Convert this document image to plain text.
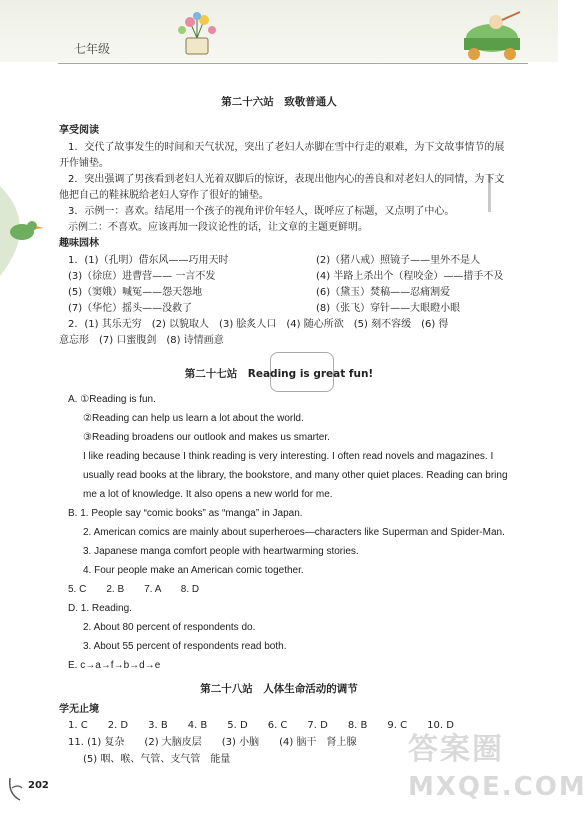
七年级
第二十六站　致敬普通人
享受阅读
1．交代了故事发生的时间和天气状况，突出了老妇人赤脚在雪中行走的艰难，为下文故事情节的展
开作铺垫。
2．突出强调了男孩看到老妇人光着双脚后的惊讶，表现出他内心的善良和对老妇人的同情，为下文
他把自己的鞋袜脱给老妇人穿作了很好的铺垫。
3．示例一：喜欢。结尾用一个孩子的视角评价年轻人，既呼应了标题，又点明了中心。
示例二：不喜欢。应该再加一段议论性的话，让文章的主题更鲜明。
趣味园林
1．(1)（孔明）借东风——巧用天时	(2)（猪八戒）照镜子——里外不是人
(3)（徐庶）进曹营—— 一言不发	(4) 半路上杀出个（程咬金）——措手不及
(5)（窦娥）喊冤——怨天怨地	(6)（黛玉）焚稿——忍痛割爱
(7)（华佗）摇头——没救了	(8)（张飞）穿针——大眼瞪小眼
2．(1) 其乐无穷　(2) 以貌取人　(3) 脍炙人口　(4) 随心所欲　(5) 刻不容缓　(6) 得
意忘形　(7) 口蜜腹剑　(8) 诗情画意
第二十七站　Reading is great fun!
A. ①Reading is fun.
②Reading can help us learn a lot about the world.
③Reading broadens our outlook and makes us smarter.
I like reading because I think reading is very interesting. I often read novels and magazines. I
usually read books at the library, the bookstore, and many other quiet places. Reading can bring
me a lot of knowledge. It also opens a new world for me.
B. 1. People say “comic books” as “manga” in Japan.
2. American comics are mainly about superheroes—characters like Superman and Spider-Man.
3. Japanese manga comfort people with heartwarming stories.
4. Four people make an American comic together.
5. C　　2. B　　7. A　　8. D
D. 1. Reading.
2. About 80 percent of respondents do.
3. About 55 percent of respondents read both.
E. c→a→f→b→d→e
第二十八站　人体生命活动的调节
学无止境
1. C　　2. D　　3. B　　4. B　　5. D　　6. C　　7. D　　8. B　　9. C　　10. D
11. (1) 复杂　　(2) 大脑皮层　　(3) 小脑　　(4) 脑干　肾上腺
(5) 咽、喉、气管、支气管　能量	答案圈
MXQE.COM
202
